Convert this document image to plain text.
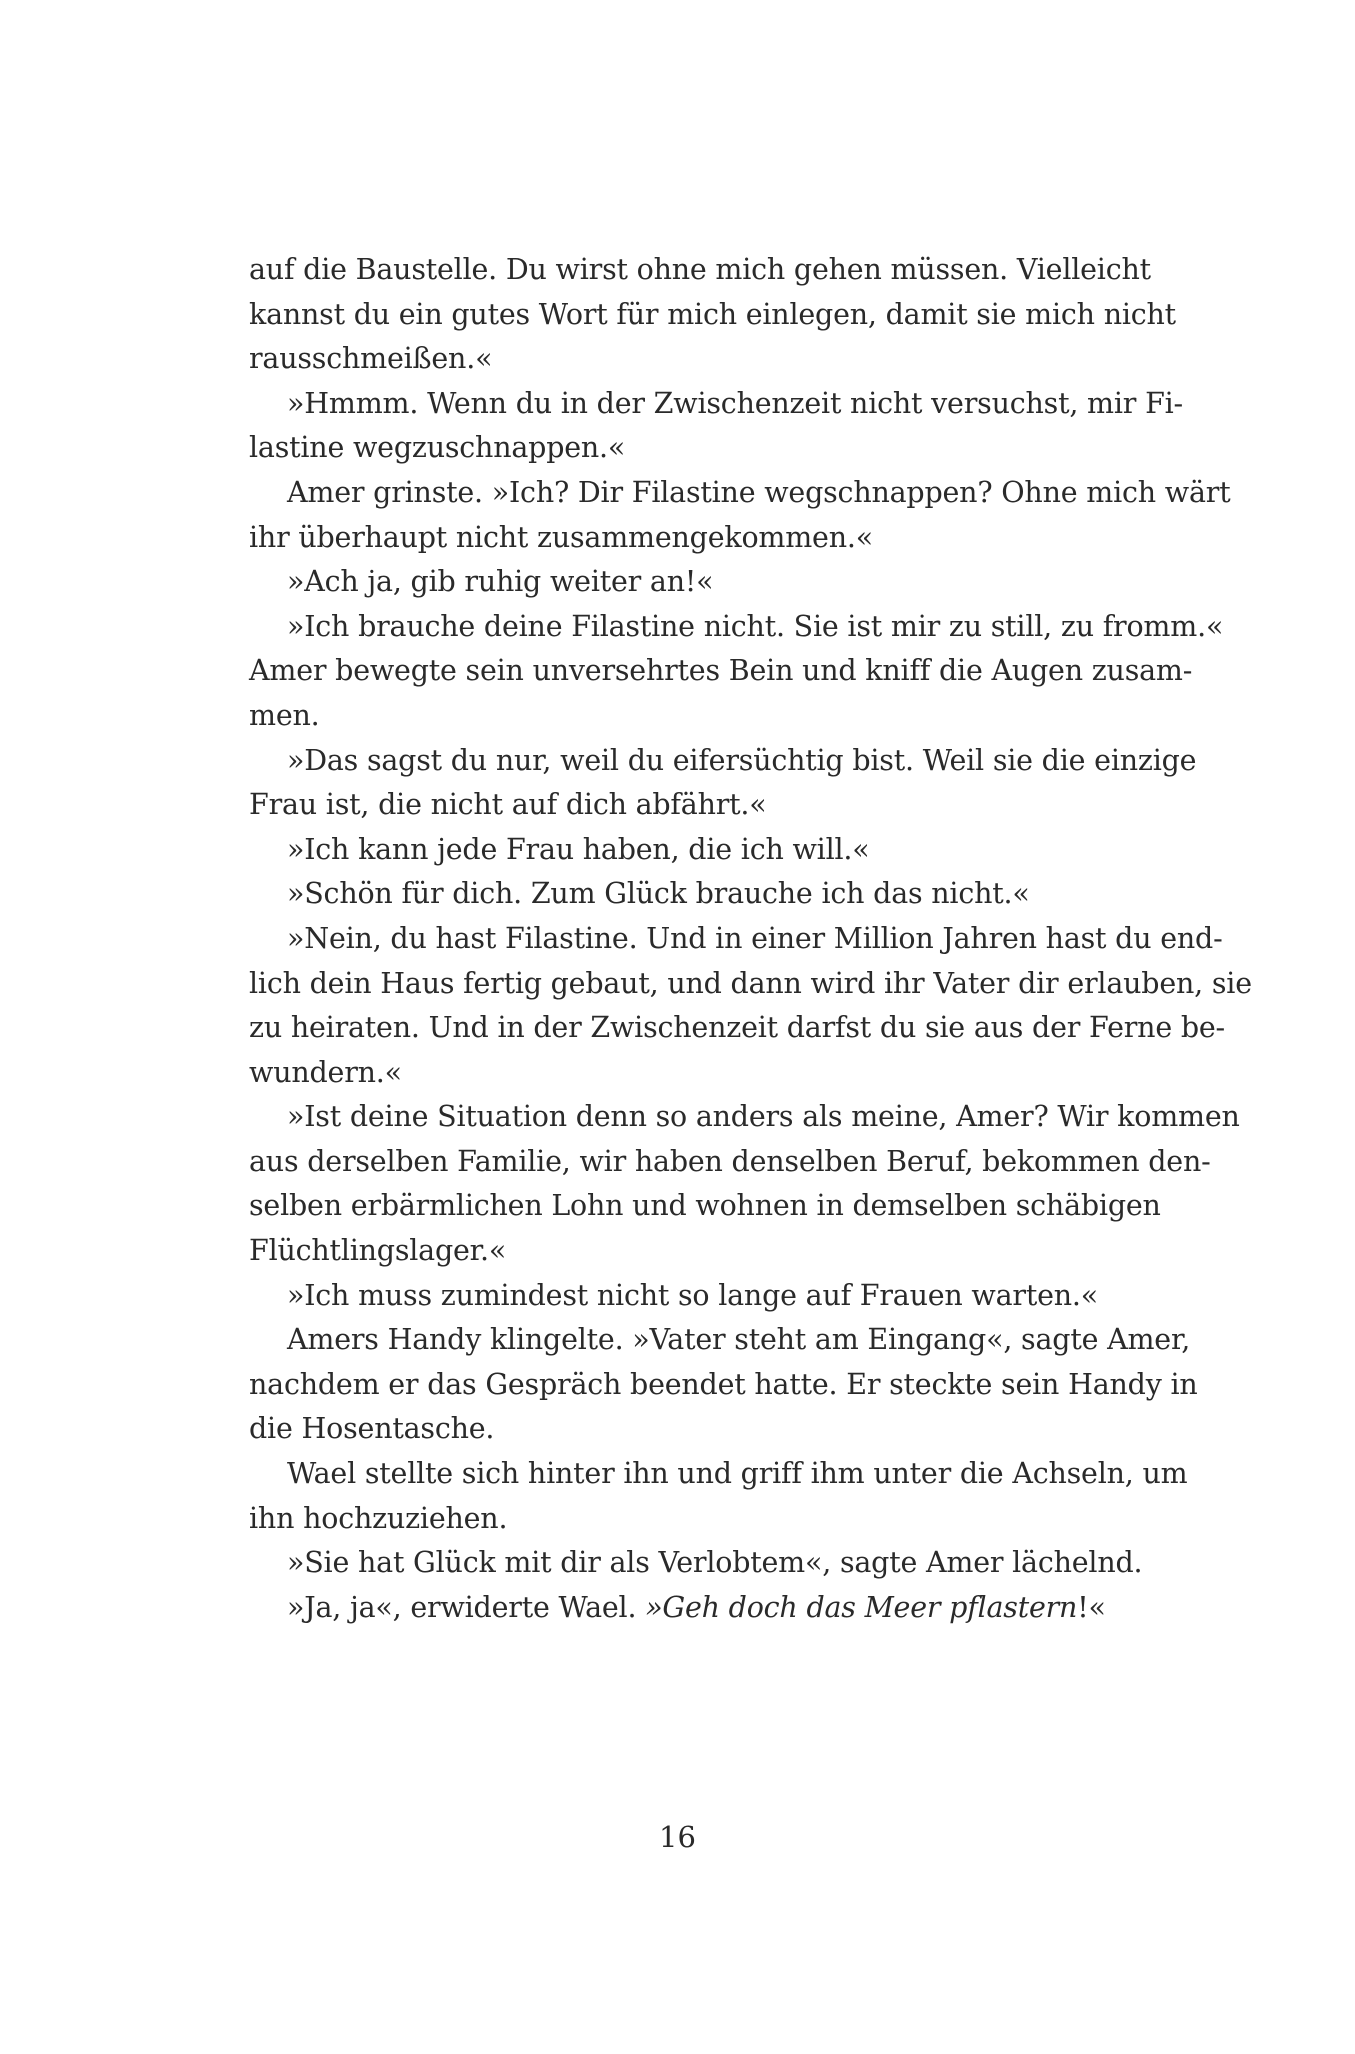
auf die Baustelle. Du wirst ohne mich gehen müssen. Vielleicht
kannst du ein gutes Wort für mich einlegen, damit sie mich nicht
rausschmeißen.«
»Hmmm. Wenn du in der Zwischenzeit nicht versuchst, mir Fi-
lastine wegzuschnappen.«
Amer grinste. »Ich? Dir Filastine wegschnappen? Ohne mich wärt
ihr überhaupt nicht zusammengekommen.«
»Ach ja, gib ruhig weiter an!«
»Ich brauche deine Filastine nicht. Sie ist mir zu still, zu fromm.«
Amer bewegte sein unversehrtes Bein und kniff die Augen zusam-
men.
»Das sagst du nur, weil du eifersüchtig bist. Weil sie die einzige
Frau ist, die nicht auf dich abfährt.«
»Ich kann jede Frau haben, die ich will.«
»Schön für dich. Zum Glück brauche ich das nicht.«
»Nein, du hast Filastine. Und in einer Million Jahren hast du end-
lich dein Haus fertig gebaut, und dann wird ihr Vater dir erlauben, sie
zu heiraten. Und in der Zwischenzeit darfst du sie aus der Ferne be-
wundern.«
»Ist deine Situation denn so anders als meine, Amer? Wir kommen
aus derselben Familie, wir haben denselben Beruf, bekommen den-
selben erbärmlichen Lohn und wohnen in demselben schäbigen
Flüchtlingslager.«
»Ich muss zumindest nicht so lange auf Frauen warten.«
Amers Handy klingelte. »Vater steht am Eingang«, sagte Amer,
nachdem er das Gespräch beendet hatte. Er steckte sein Handy in
die Hosentasche.
Wael stellte sich hinter ihn und griff ihm unter die Achseln, um
ihn hochzuziehen.
»Sie hat Glück mit dir als Verlobtem«, sagte Amer lächelnd.
»Ja, ja«, erwiderte Wael. »Geh doch das Meer pflastern!«
16
